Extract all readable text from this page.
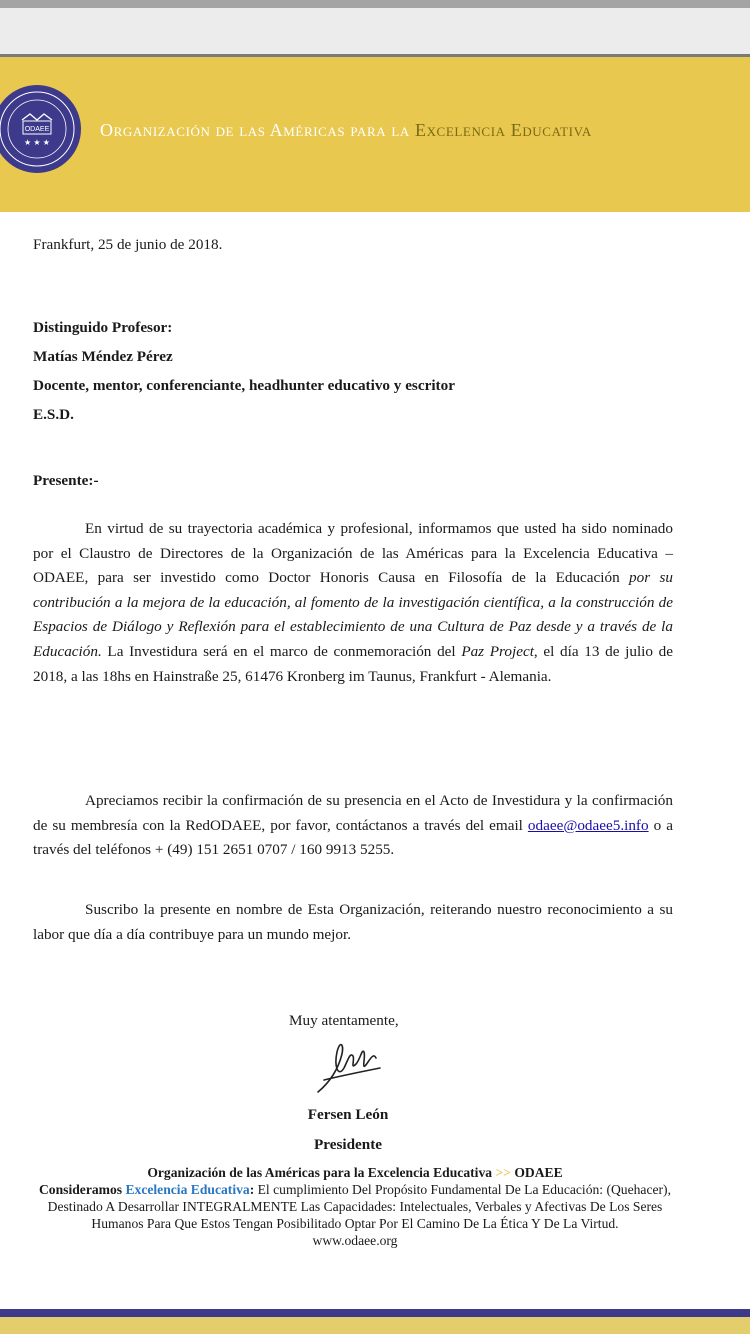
ODAEE
★ ★ ★
Organización de las Américas para la Excelencia Educativa
Frankfurt, 25 de junio de 2018.
Distinguido Profesor:
Matías Méndez Pérez
Docente, mentor, conferenciante, headhunter educativo y escritor
E.S.D.
Presente:-
En virtud de su trayectoria académica y profesional, informamos que usted ha sido nominado por el Claustro de Directores de la Organización de las Américas para la Excelencia Educativa – ODAEE, para ser investido como Doctor Honoris Causa en Filosofía de la Educación por su contribución a la mejora de la educación, al fomento de la investigación científica, a la construcción de Espacios de Diálogo y Reflexión para el establecimiento de una Cultura de Paz desde y a través de la Educación. La Investidura será en el marco de conmemoración del Paz Project, el día 13 de julio de 2018, a las 18hs en Hainstraße 25, 61476 Kronberg im Taunus, Frankfurt - Alemania.
Apreciamos recibir la confirmación de su presencia en el Acto de Investidura y la confirmación de su membresía con la RedODAEE, por favor, contáctanos a través del email odaee@odaee5.info o a través del teléfonos + (49) 151 2651 0707 / 160 9913 5255.
Suscribo la presente en nombre de Esta Organización, reiterando nuestro reconocimiento a su labor que día a día contribuye para un mundo mejor.
Muy atentamente,
Fersen León
Presidente
Organización de las Américas para la Excelencia Educativa >> ODAEE
Consideramos Excelencia Educativa: El cumplimiento Del Propósito Fundamental De La Educación: (Quehacer), Destinado A Desarrollar INTEGRALMENTE Las Capacidades: Intelectuales, Verbales y Afectivas De Los Seres Humanos Para Que Estos Tengan Posibilitado Optar Por El Camino De La Ética Y De La Virtud.
www.odaee.org
